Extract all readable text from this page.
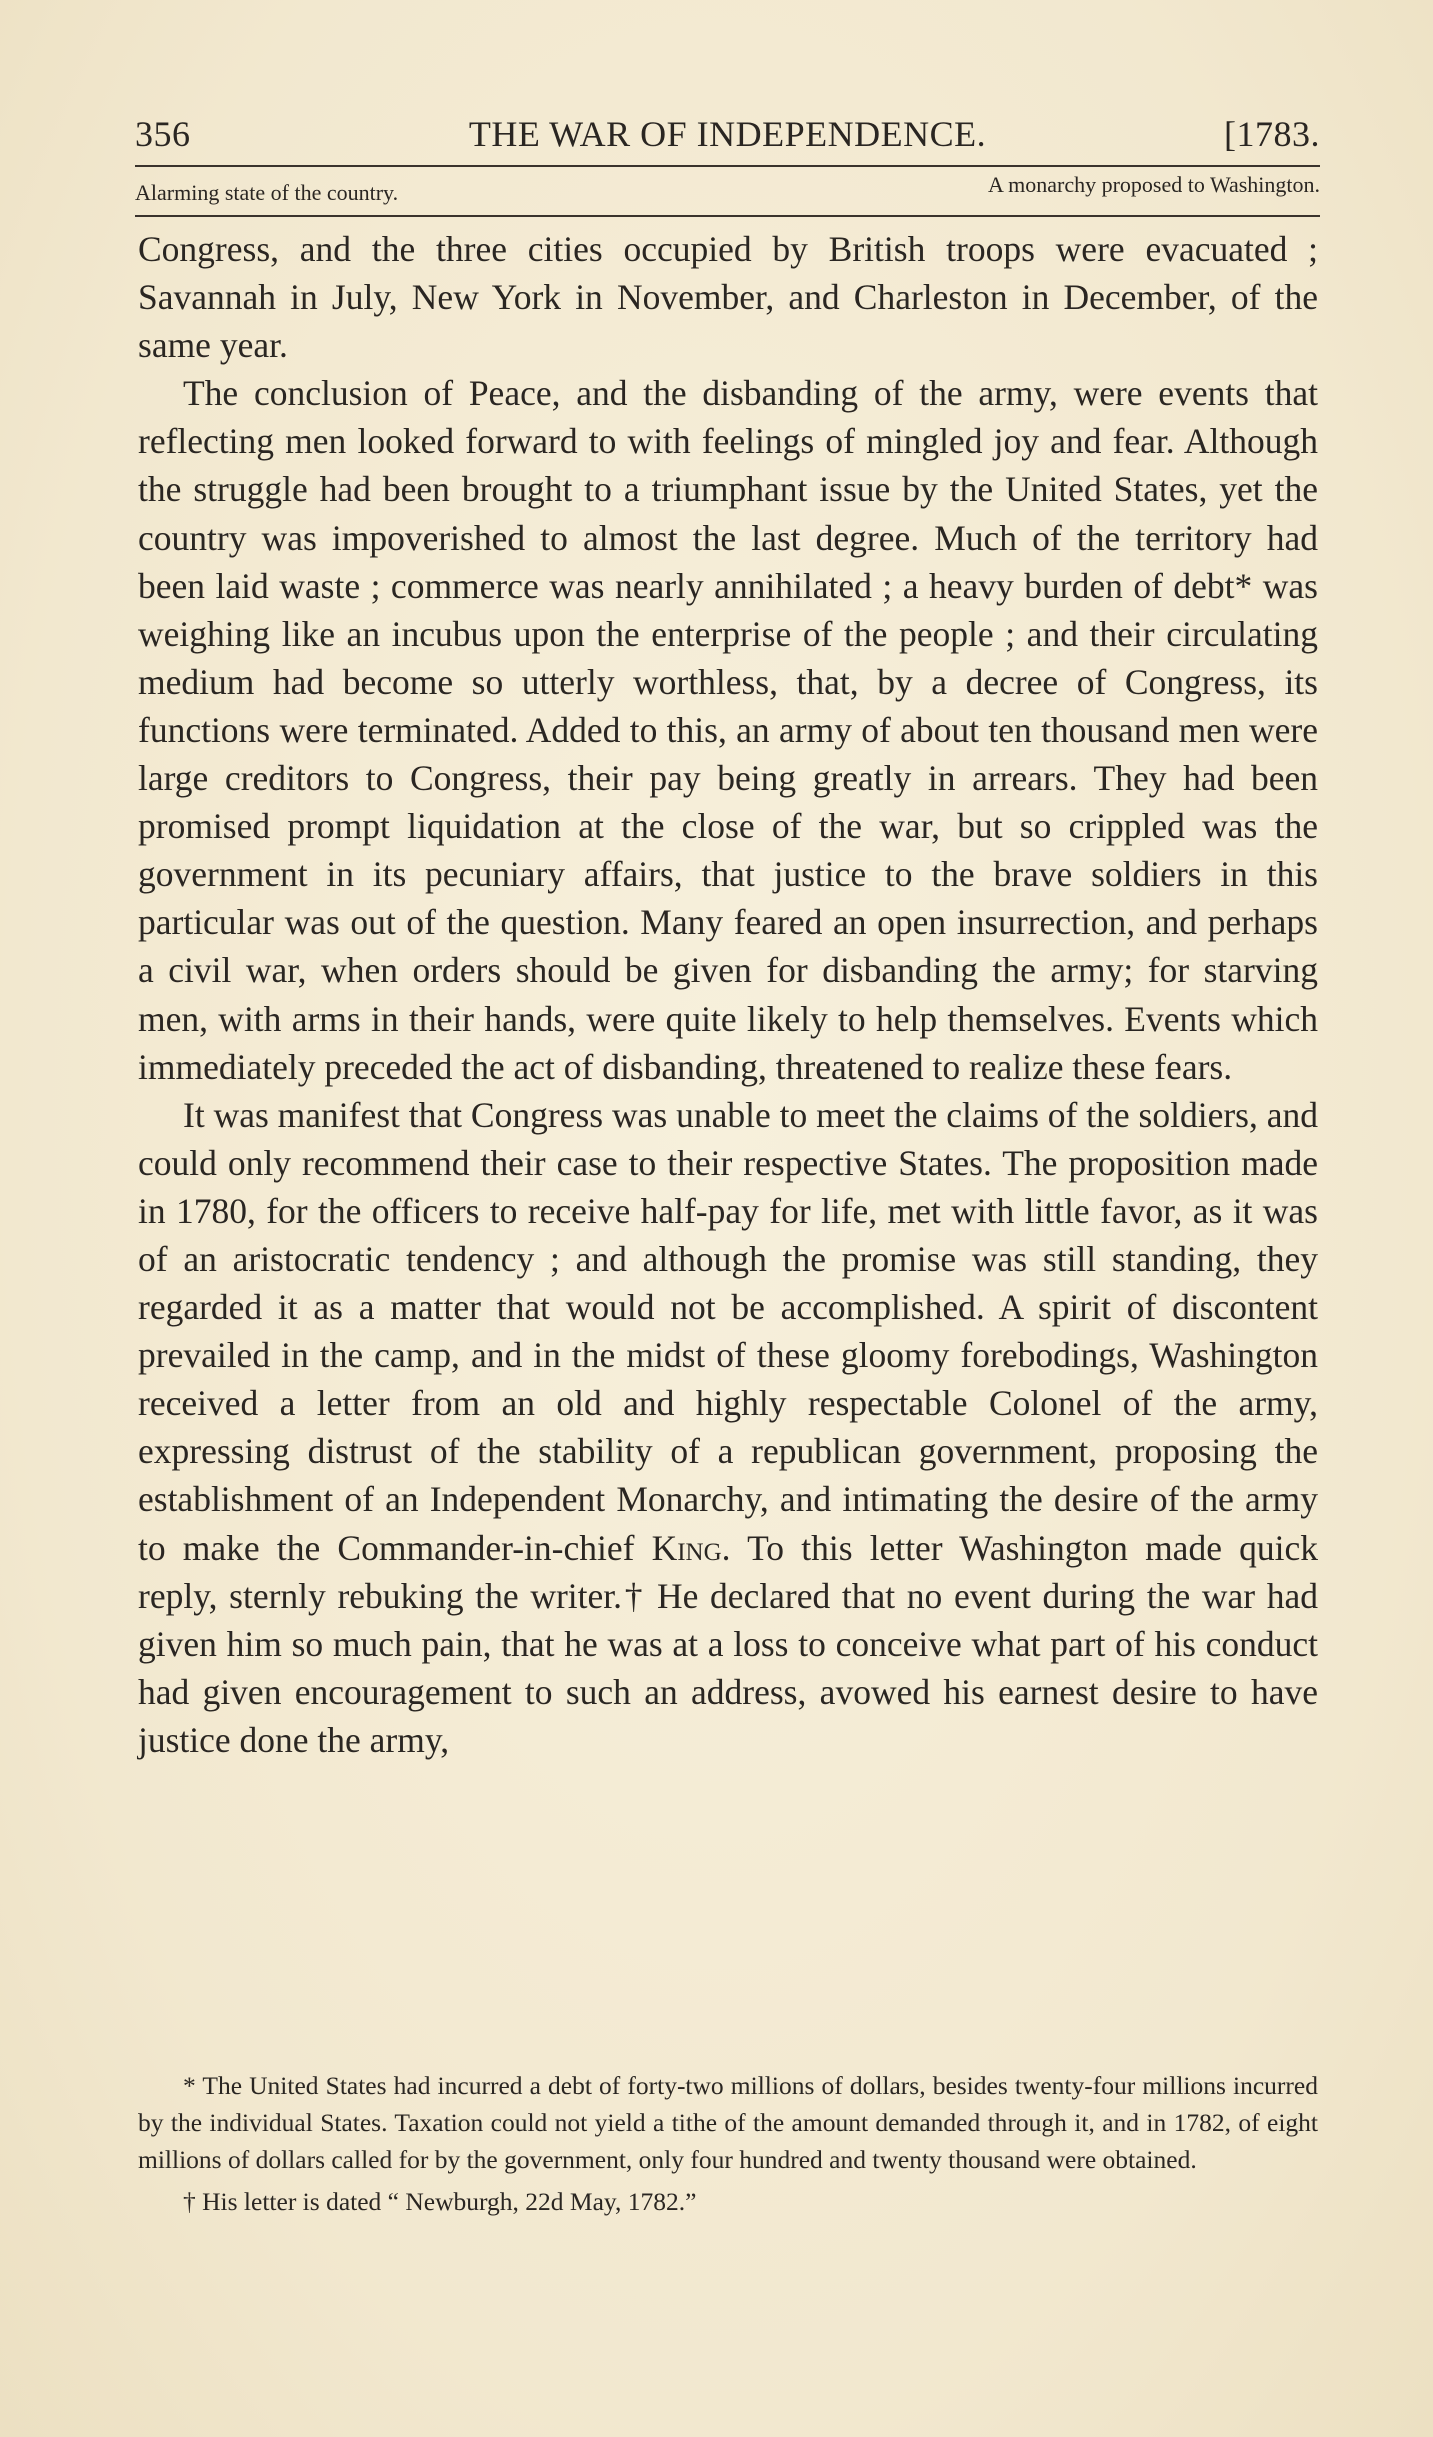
356	THE WAR OF INDEPENDENCE.	[1783.
Alarming state of the country.	A monarchy proposed to Washington.

Congress, and the three cities occupied by British troops were evacuated ; Savannah in July, New York in November, and Charleston in December, of the same year.

The conclusion of Peace, and the disbanding of the army, were events that reflecting men looked forward to with feelings of mingled joy and fear. Although the struggle had been brought to a triumphant issue by the United States, yet the country was impoverished to almost the last degree. Much of the territory had been laid waste ; commerce was nearly annihilated ; a heavy burden of debt* was weighing like an incubus upon the enterprise of the people ; and their circulating medium had become so utterly worthless, that, by a decree of Congress, its functions were terminated. Added to this, an army of about ten thousand men were large creditors to Congress, their pay being greatly in arrears. They had been promised prompt liquidation at the close of the war, but so crippled was the government in its pecuniary affairs, that justice to the brave soldiers in this particular was out of the question. Many feared an open insurrection, and perhaps a civil war, when orders should be given for disbanding the army; for starving men, with arms in their hands, were quite likely to help themselves. Events which immediately preceded the act of disbanding, threatened to realize these fears.

It was manifest that Congress was unable to meet the claims of the soldiers, and could only recommend their case to their respective States. The proposition made in 1780, for the officers to receive half-pay for life, met with little favor, as it was of an aristocratic tendency ; and although the promise was still standing, they regarded it as a matter that would not be accomplished. A spirit of discontent prevailed in the camp, and in the midst of these gloomy forebodings, Washington received a letter from an old and highly respectable Colonel of the army, expressing distrust of the stability of a republican government, proposing the establishment of an Independent Monarchy, and intimating the desire of the army to make the Commander-in-chief King. To this letter Washington made quick reply, sternly rebuking the writer.† He declared that no event during the war had given him so much pain, that he was at a loss to conceive what part of his conduct had given encouragement to such an address, avowed his earnest desire to have justice done the army,

* The United States had incurred a debt of forty-two millions of dollars, besides twenty-four millions incurred by the individual States. Taxation could not yield a tithe of the amount demanded through it, and in 1782, of eight millions of dollars called for by the government, only four hundred and twenty thousand were obtained.

† His letter is dated “ Newburgh, 22d May, 1782.”
